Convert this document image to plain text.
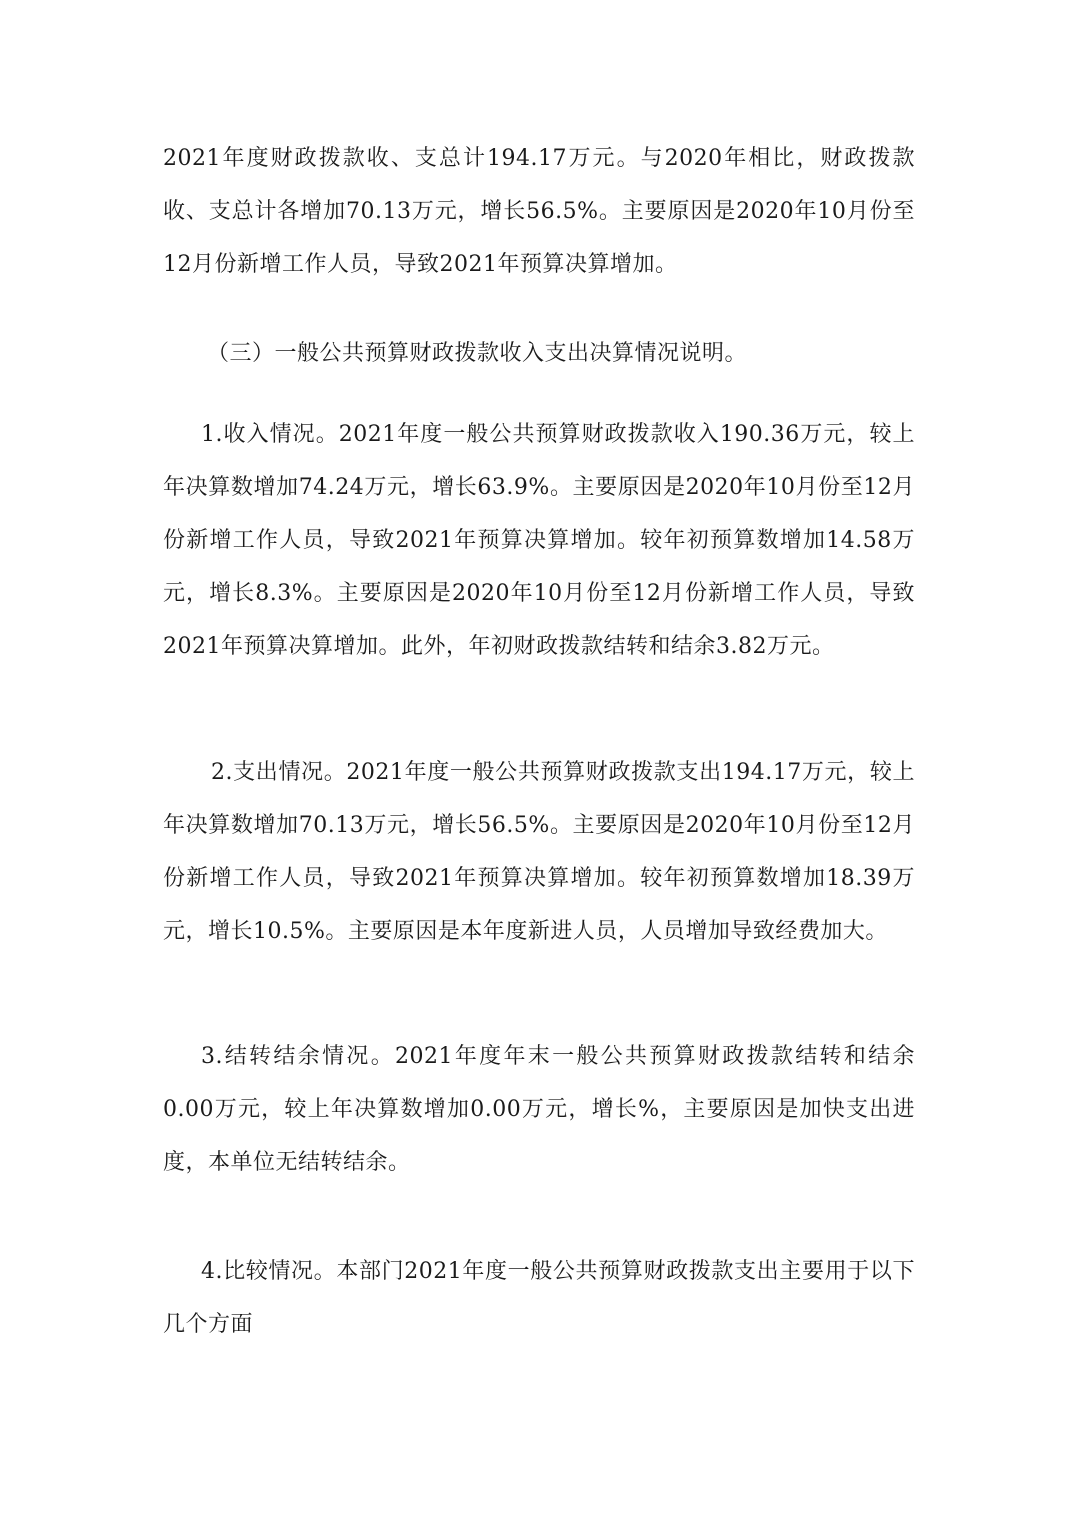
2021年度财政拨款收、支总计194.17万元。与2020年相比，财政拨款收、支总计各增加70.13万元，增长56.5%。主要原因是2020年10月份至12月份新增工作人员，导致2021年预算决算增加。

（三）一般公共预算财政拨款收入支出决算情况说明。

1.收入情况。2021年度一般公共预算财政拨款收入190.36万元，较上年决算数增加74.24万元，增长63.9%。主要原因是2020年10月份至12月份新增工作人员，导致2021年预算决算增加。较年初预算数增加14.58万元，增长8.3%。主要原因是2020年10月份至12月份新增工作人员，导致2021年预算决算增加。此外，年初财政拨款结转和结余3.82万元。

2.支出情况。2021年度一般公共预算财政拨款支出194.17万元，较上年决算数增加70.13万元，增长56.5%。主要原因是2020年10月份至12月份新增工作人员，导致2021年预算决算增加。较年初预算数增加18.39万元，增长10.5%。主要原因是本年度新进人员，人员增加导致经费加大。

3.结转结余情况。2021年度年末一般公共预算财政拨款结转和结余0.00万元，较上年决算数增加0.00万元，增长%，主要原因是加快支出进度，本单位无结转结余。

4.比较情况。本部门2021年度一般公共预算财政拨款支出主要用于以下几个方面
